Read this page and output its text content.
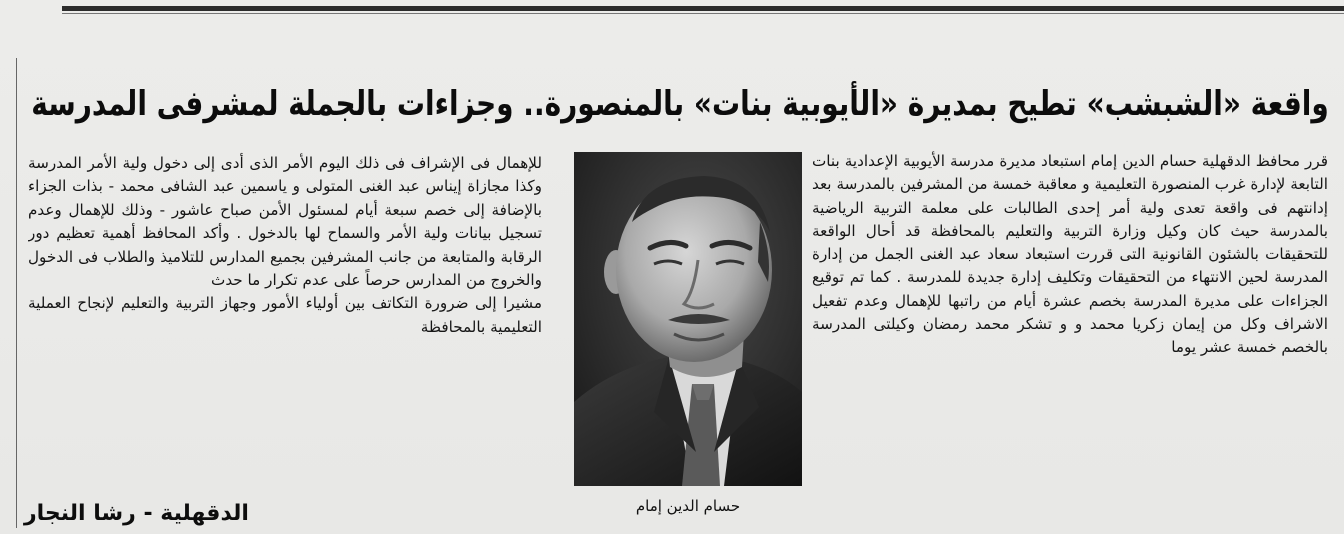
واقعة «الشبشب» تطيح بمديرة «الأيوبية بنات» بالمنصورة.. وجزاءات بالجملة لمشرفى المدرسة
قرر محافظ الدقهلية حسام الدين إمام استبعاد مديرة مدرسة الأيوبية الإعدادية بنات التابعة لإدارة غرب المنصورة التعليمية و معاقبة خمسة من المشرفين بالمدرسة بعد إدانتهم فى واقعة تعدى ولية أمر إحدى الطالبات على معلمة التربية الرياضية بالمدرسة حيث كان وكيل وزارة التربية والتعليم بالمحافظة قد أحال الواقعة للتحقيقات بالشئون القانونية التى قررت استبعاد سعاد عبد الغنى الجمل من إدارة المدرسة لحين الانتهاء من التحقيقات وتكليف إدارة جديدة للمدرسة . كما تم توقيع الجزاءات على مديرة المدرسة بخصم عشرة أيام من راتبها للإهمال وعدم تفعيل الاشراف وكل من إيمان زكريا محمد و و تشكر محمد رمضان وكيلتى المدرسة بالخصم خمسة عشر يوما
حسام الدين إمام

للإهمال فى الإشراف فى ذلك اليوم الأمر الذى أدى إلى دخول ولية الأمر المدرسة وكذا مجازاة إيناس عبد الغنى المتولى و ياسمين عبد الشافى محمد - بذات الجزاء بالإضافة إلى خصم سبعة أيام لمسئول الأمن صباح عاشور - وذلك للإهمال وعدم تسجيل بيانات ولية الأمر والسماح لها بالدخول . وأكد المحافظ أهمية تعظيم دور الرقابة والمتابعة من جانب المشرفين بجميع المدارس للتلاميذ والطلاب فى الدخول والخروج من المدارس حرصاً على عدم تكرار ما حدث

مشيرا إلى ضرورة التكاتف بين أولياء الأمور وجهاز التربية والتعليم لإنجاح العملية التعليمية بالمحافظة

الدقهلية - رشا النجار
